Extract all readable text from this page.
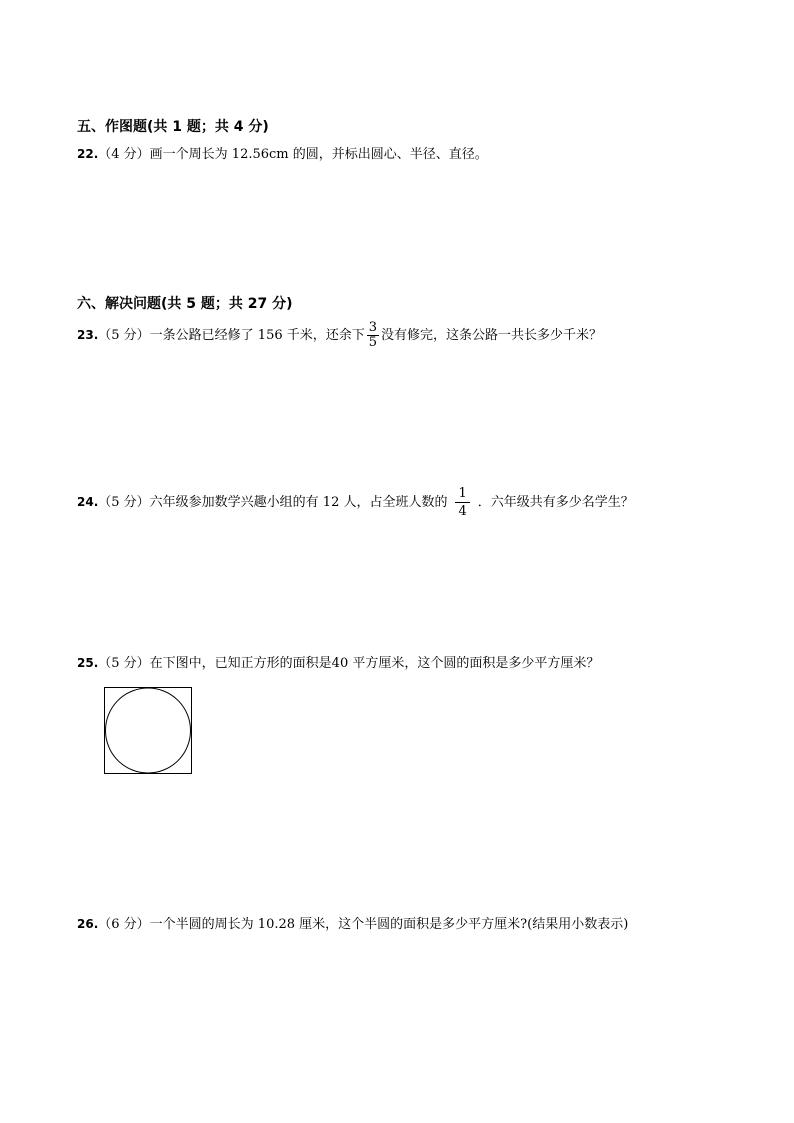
五、作图题(共 1 题；共 4 分)
22.（4 分）画一个周长为 12.56cm 的圆，并标出圆心、半径、直径。
六、解决问题(共 5 题；共 27 分)
23.（5 分）一条公路已经修了 156 千米，还余下 $\frac{3}{5}$ 没有修完，这条公路一共长多少千米？
24.（5 分）六年级参加数学兴趣小组的有 12 人，占全班人数的 $\frac{1}{4}$ ．六年级共有多少名学生？
25.（5 分）在下图中，已知正方形的面积是40 平方厘米，这个圆的面积是多少平方厘米？
26.（6 分）一个半圆的周长为 10.28 厘米，这个半圆的面积是多少平方厘米?(结果用小数表示)
